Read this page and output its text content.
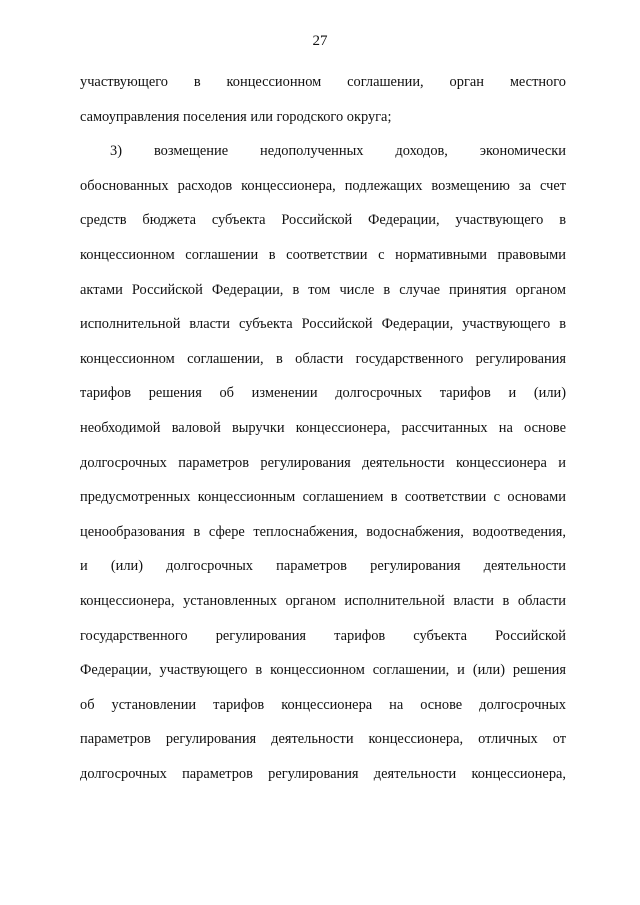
27
участвующего в концессионном соглашении, орган местного
самоуправления поселения или городского округа;
3) возмещение недополученных доходов, экономически
обоснованных расходов концессионера, подлежащих возмещению за счет
средств бюджета субъекта Российской Федерации, участвующего в
концессионном соглашении в соответствии с нормативными правовыми
актами Российской Федерации, в том числе в случае принятия органом
исполнительной власти субъекта Российской Федерации, участвующего в
концессионном соглашении, в области государственного регулирования
тарифов решения об изменении долгосрочных тарифов и (или)
необходимой валовой выручки концессионера, рассчитанных на основе
долгосрочных параметров регулирования деятельности концессионера и
предусмотренных концессионным соглашением в соответствии с основами
ценообразования в сфере теплоснабжения, водоснабжения, водоотведения,
и (или) долгосрочных параметров регулирования деятельности
концессионера, установленных органом исполнительной власти в области
государственного регулирования тарифов субъекта Российской
Федерации, участвующего в концессионном соглашении, и (или) решения
об установлении тарифов концессионера на основе долгосрочных
параметров регулирования деятельности концессионера, отличных от
долгосрочных параметров регулирования деятельности концессионера,
